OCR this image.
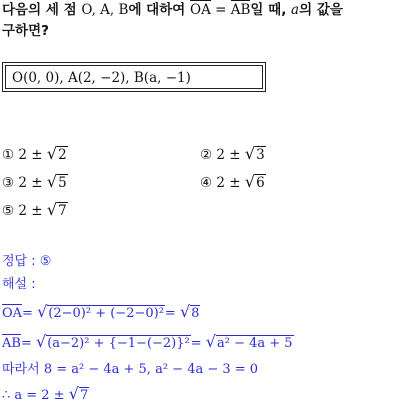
다음의 세 점 O, A, B에 대하여 OA = AB일 때, a의 값을
구하면?
O(0, 0), A(2, −2), B(a, −1)
① 2 ± √2	② 2 ± √3
③ 2 ± √5	④ 2 ± √6
⑤ 2 ± √7
정답 : ⑤
해설 :
OA= √(2−0)² + (−2−0)²= √8
AB= √(a−2)² + {−1−(−2)}²= √a² − 4a + 5
따라서 8 = a² − 4a + 5, a² − 4a − 3 = 0
∴ a = 2 ± √7
